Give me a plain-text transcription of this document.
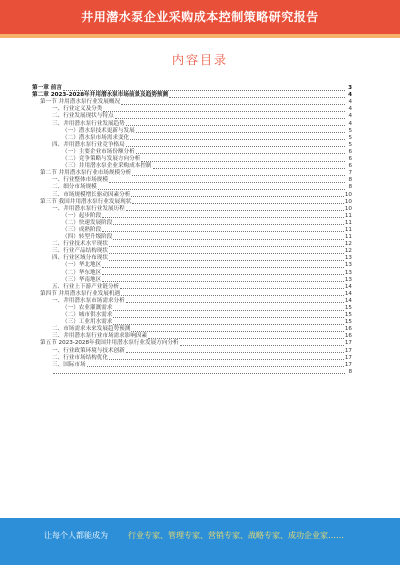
井用潜水泵企业采购成本控制策略研究报告
内容目录
第一章 前言	3
第二章 2023-2028年井用潜水泵市场前景及趋势预测	4
第一节 井用潜水泵行业发展概况	4
一、行业定义及分类	4
二、行业发展现状与特点	4
三、井用潜水泵行业发展趋势	4
（一）潜水泵技术更新与发展	5
（二）潜水泵市场需求变化	5
四、井用潜水泵行业竞争格局	5
（一）主要企业市场份额分析	6
（二）竞争策略与发展方向分析	6
（三）井用潜水泵企业采购成本控制	6
第二节 井用潜水泵行业市场规模分析	7
一、行业整体市场规模	8
二、细分市场规模	8
三、市场规模增长驱动因素分析	10
第三节 我国井用潜水泵行业发展现状	10
一、井用潜水泵行业发展历程	10
（一）起步阶段	11
（二）快速发展阶段	11
（三）成熟阶段	11
（四）转型升级阶段	11
二、行业技术水平现状	12
三、行业产品结构现状	12
四、行业区域分布现状	13
（一）华北地区	13
（二）华东地区	13
（三）华南地区	13
五、行业上下游产业链分析	14
第四节 井用潜水泵行业发展机遇	14
一、井用潜水泵市场需求分析	14
（一）农业灌溉需求	15
（二）城市供水需求	15
（三）工业用水需求	15
二、市场需求未来发展趋势预测	16
三、井用潜水泵行业市场需求影响因素	16
第五节 2023-2028年我国井用潜水泵行业发展方向分析	17
一、行业政策环境与技术创新	17
二、行业市场结构优化	17
三、国际市场	17
8
让每个人都能成为	行业专家、管理专家、营销专家、战略专家、成功企业家……
